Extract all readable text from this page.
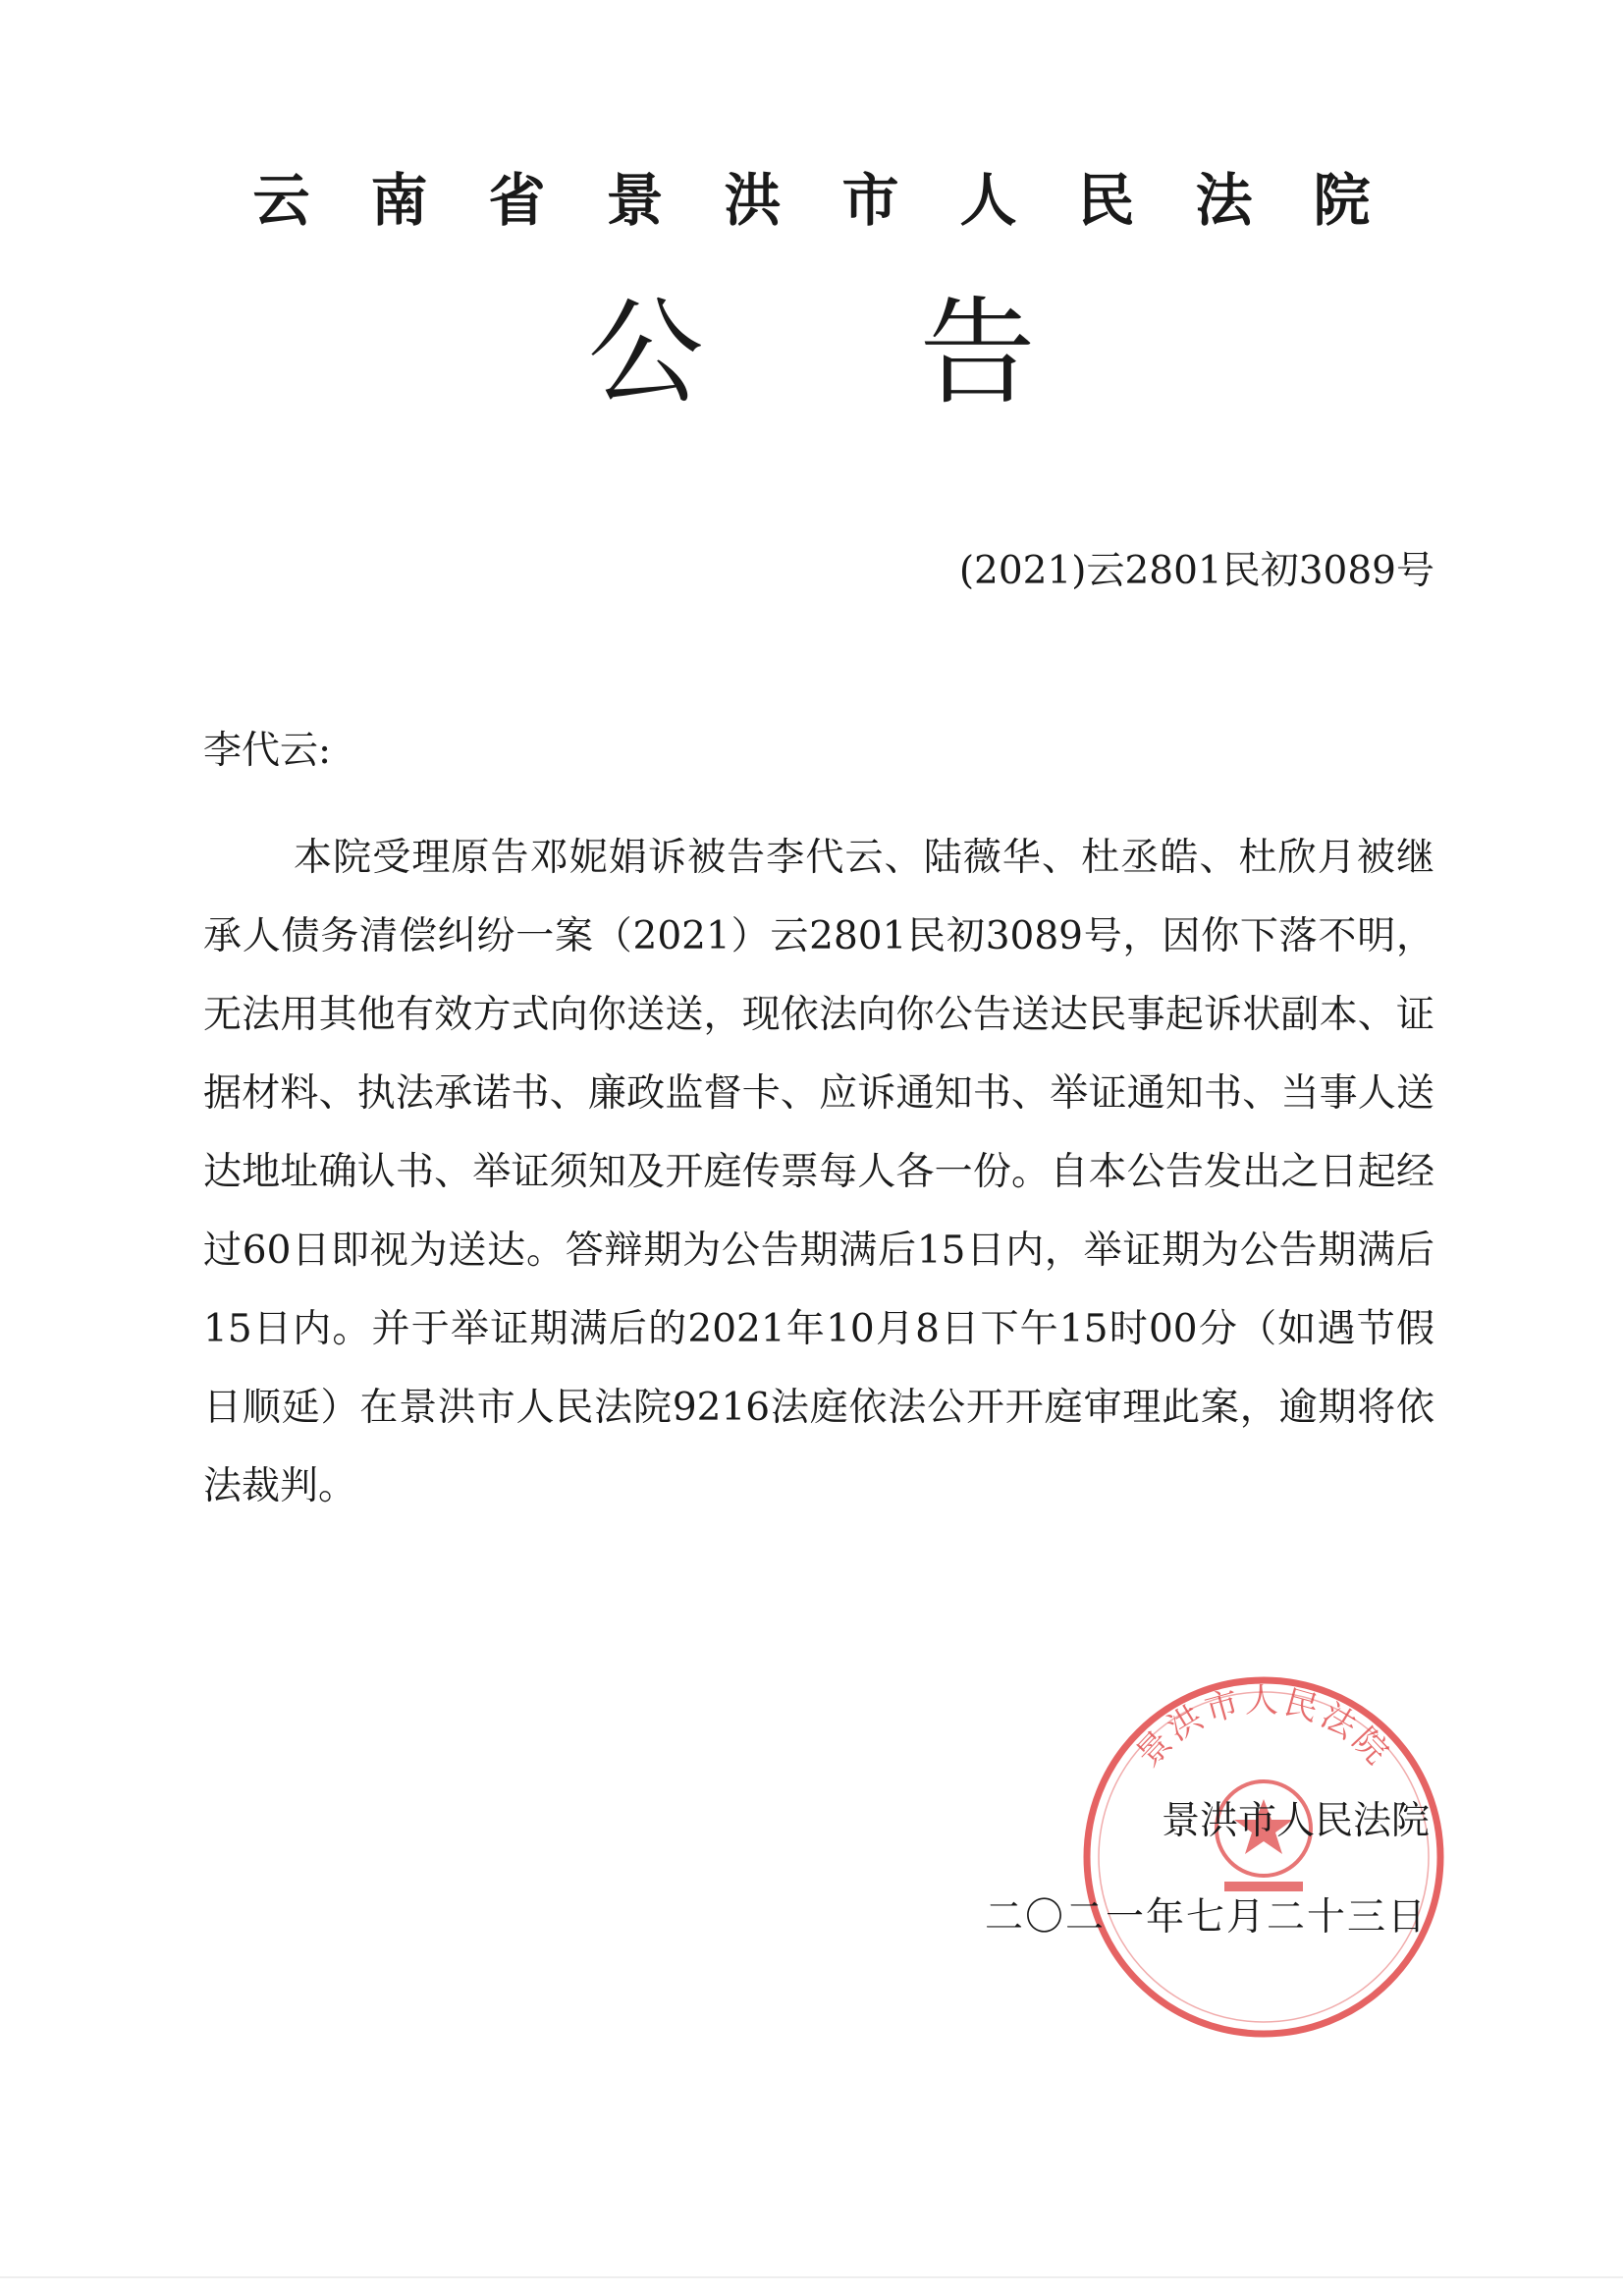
云南省景洪市人民法院
公告
(2021)云2801民初3089号
李代云:

本院受理原告邓妮娟诉被告李代云、陆薇华、杜丞皓、杜欣月被继承人债务清偿纠纷一案（2021）云2801民初3089号，因你下落不明，无法用其他有效方式向你送送，现依法向你公告送达民事起诉状副本、证据材料、执法承诺书、廉政监督卡、应诉通知书、举证通知书、当事人送达地址确认书、举证须知及开庭传票每人各一份。自本公告发出之日起经过60日即视为送达。答辩期为公告期满后15日内，举证期为公告期满后15日内。并于举证期满后的2021年10月8日下午15时00分（如遇节假日顺延）在景洪市人民法院9216法庭依法公开开庭审理此案，逾期将依法裁判。

景洪市人民法院
景洪市人民法院
二〇二一年七月二十三日
